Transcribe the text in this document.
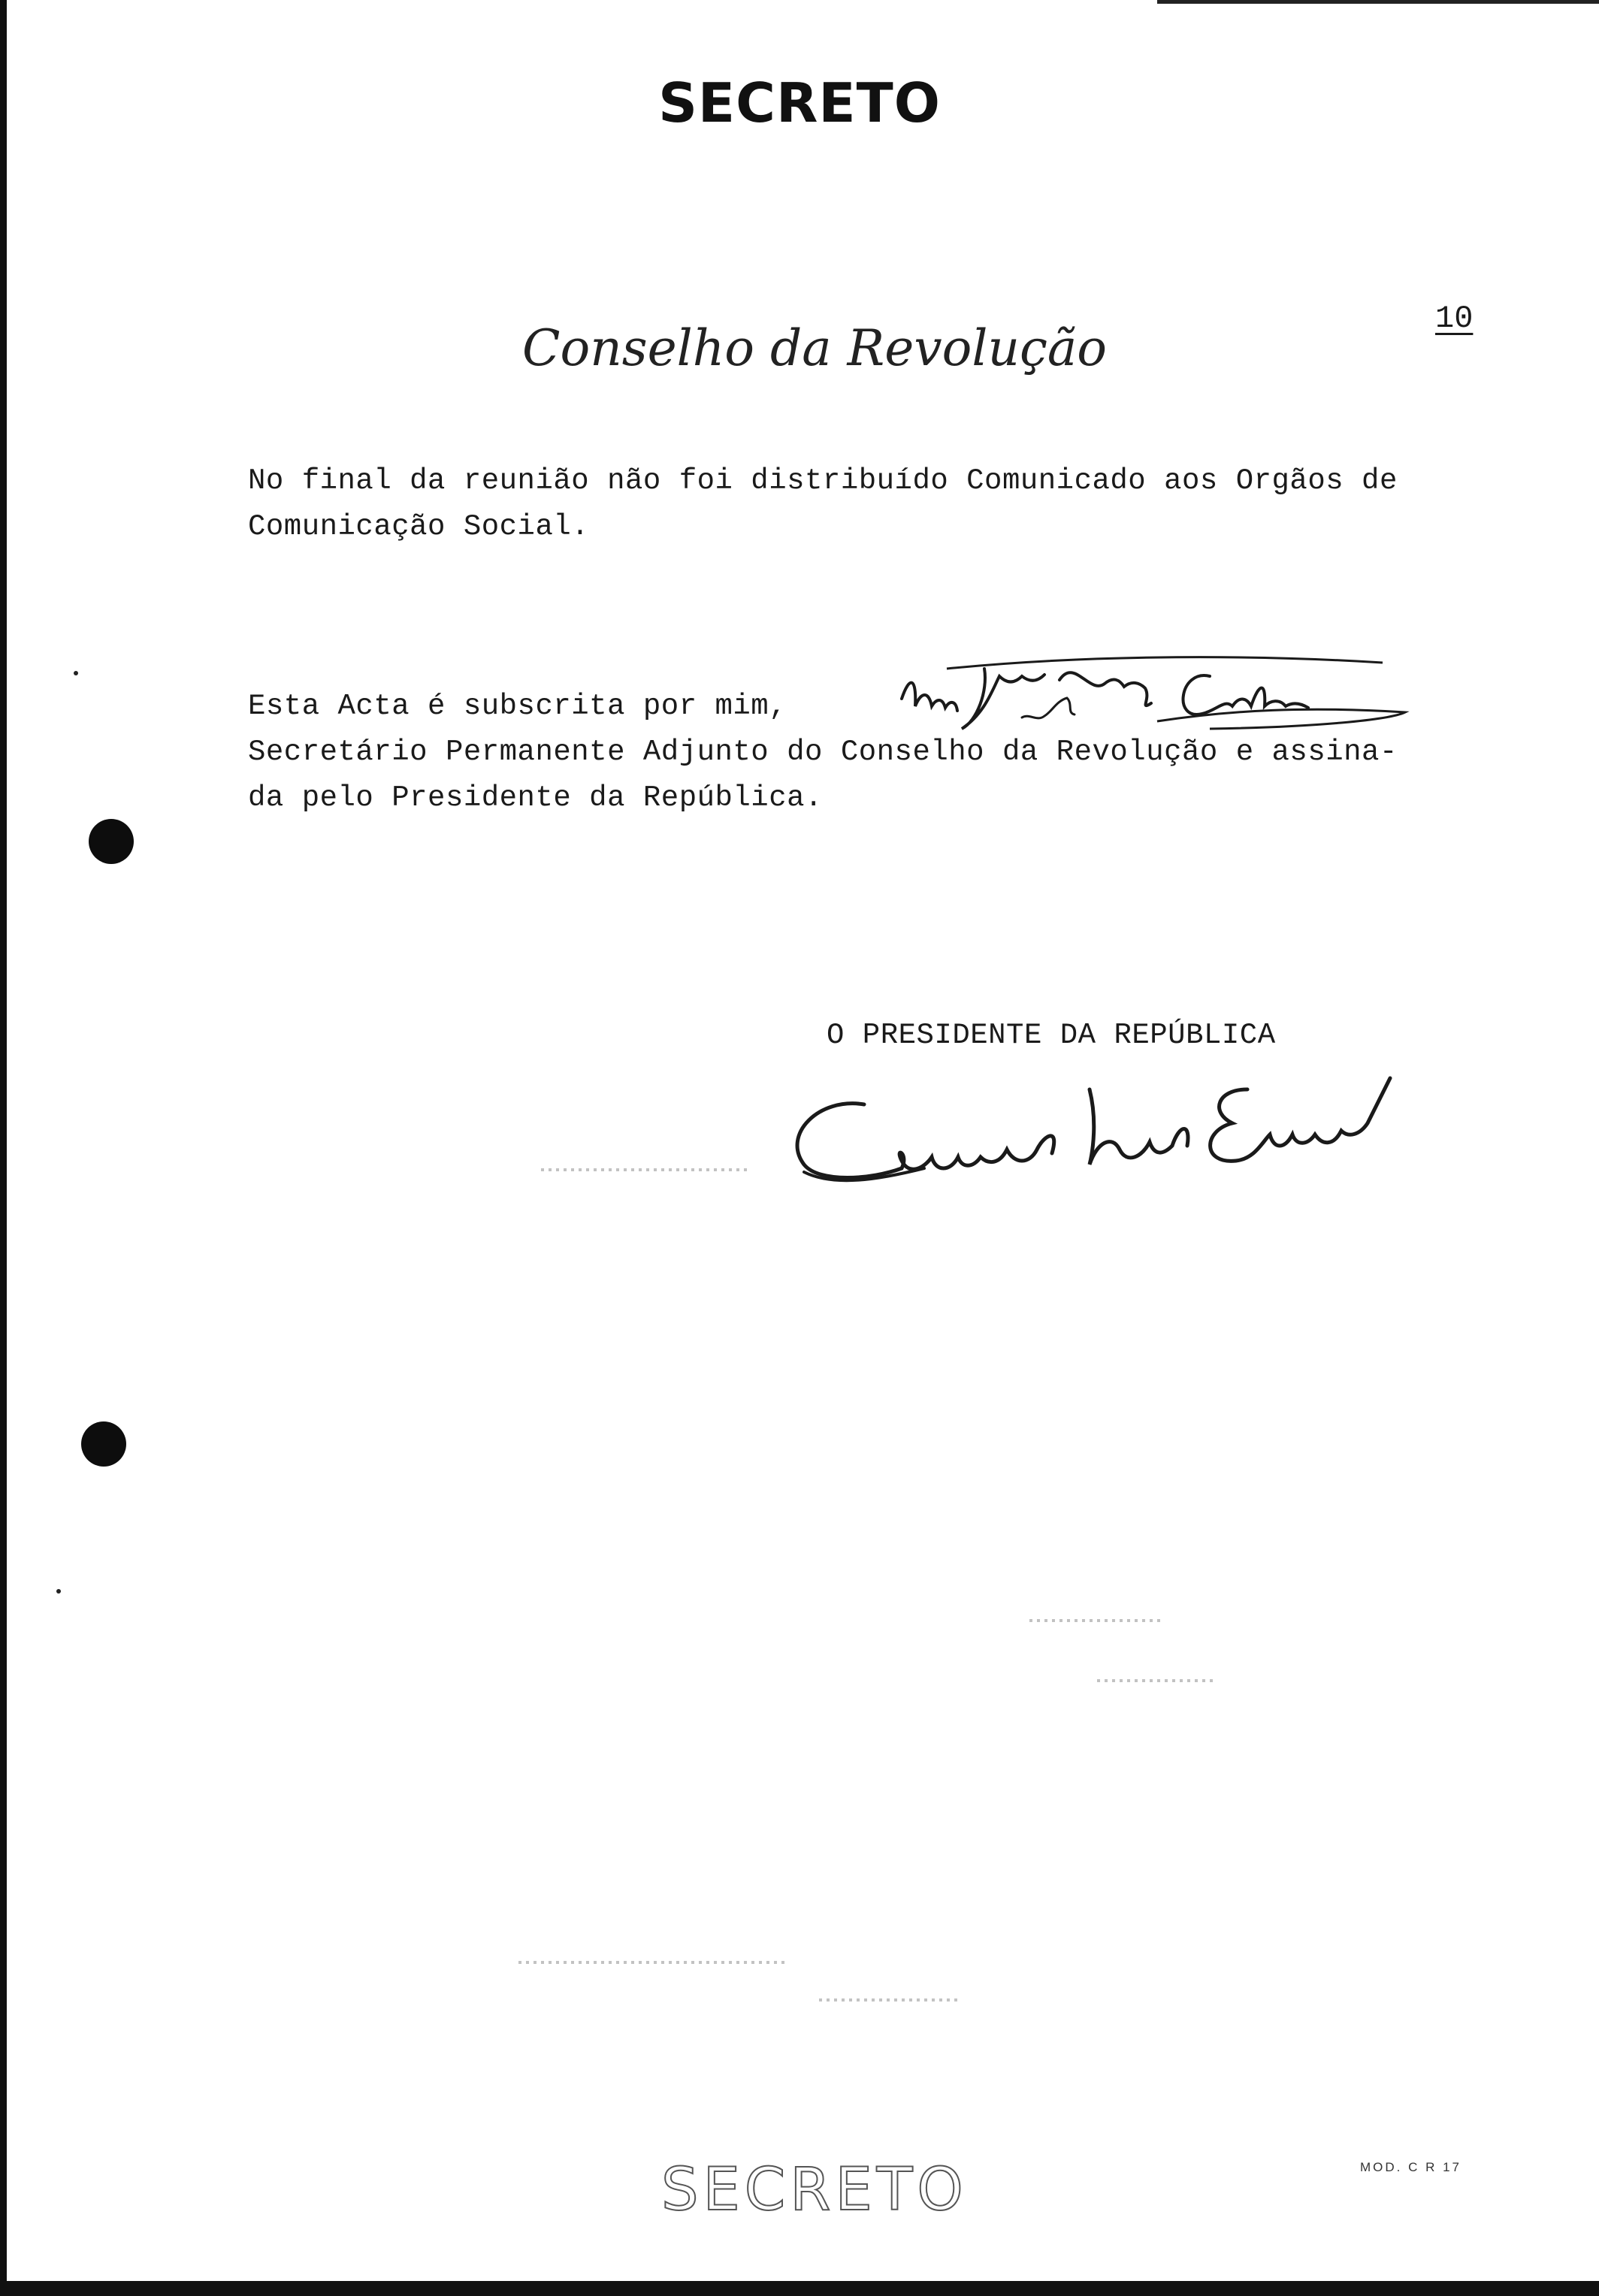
SECRETO
10
Conselho da Revolução

No final da reunião não foi distribuído Comunicado aos Orgãos de Comunicação Social.

Esta Acta é subscrita por mim,
Secretário Permanente Adjunto do Conselho da Revolução e assina-
da pelo Presidente da República.
O PRESIDENTE DA REPÚBLICA
SECRETO	MOD. C R 17
